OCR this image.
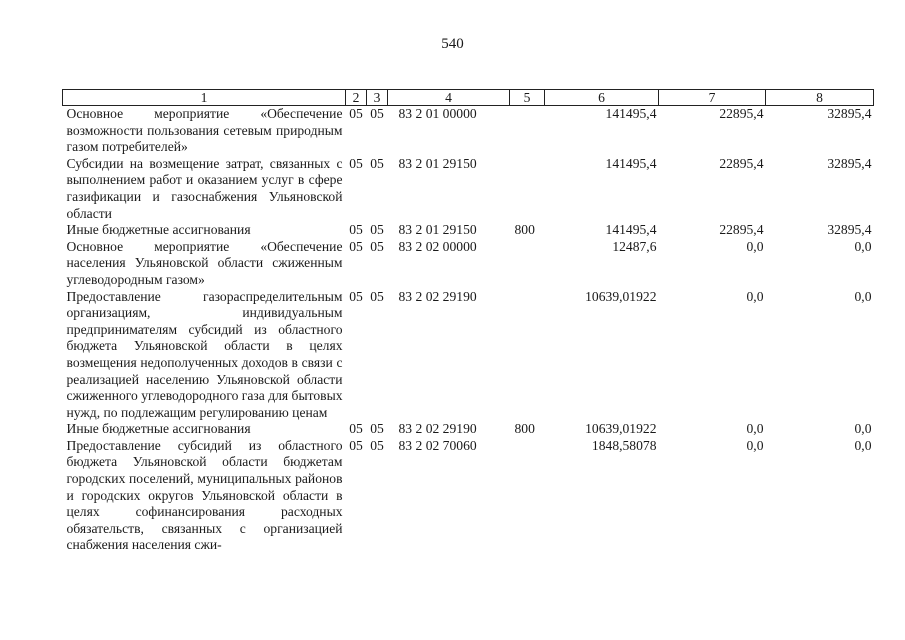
540
1	2	3	4	5	6	7	8
Основное мероприятие «Обеспечение возможности пользования сетевым природным газом потребителей»	05	05	83 2 01 00000		141495,4	22895,4	32895,4
Субсидии на возмещение затрат, связанных с выполнением работ и оказанием услуг в сфере газификации и газоснабжения Ульяновской области	05	05	83 2 01 29150		141495,4	22895,4	32895,4
Иные бюджетные ассигнования	05	05	83 2 01 29150	800	141495,4	22895,4	32895,4
Основное мероприятие «Обеспечение населения Ульяновской области сжиженным углеводородным газом»	05	05	83 2 02 00000		12487,6	0,0	0,0
Предоставление газораспределительным организациям, индивидуальным предпринимателям субсидий из областного бюджета Ульяновской области в целях возмещения недополученных доходов в связи с реализацией населению Ульяновской области сжиженного углеводородного газа для бытовых нужд, по подлежащим регулированию ценам	05	05	83 2 02 29190		10639,01922	0,0	0,0
Иные бюджетные ассигнования	05	05	83 2 02 29190	800	10639,01922	0,0	0,0
Предоставление субсидий из областного бюджета Ульяновской области бюджетам городских поселений, муниципальных районов и городских округов Ульяновской области в целях софинансирования расходных обязательств, связанных с организацией снабжения населения сжи-	05	05	83 2 02 70060		1848,58078	0,0	0,0
